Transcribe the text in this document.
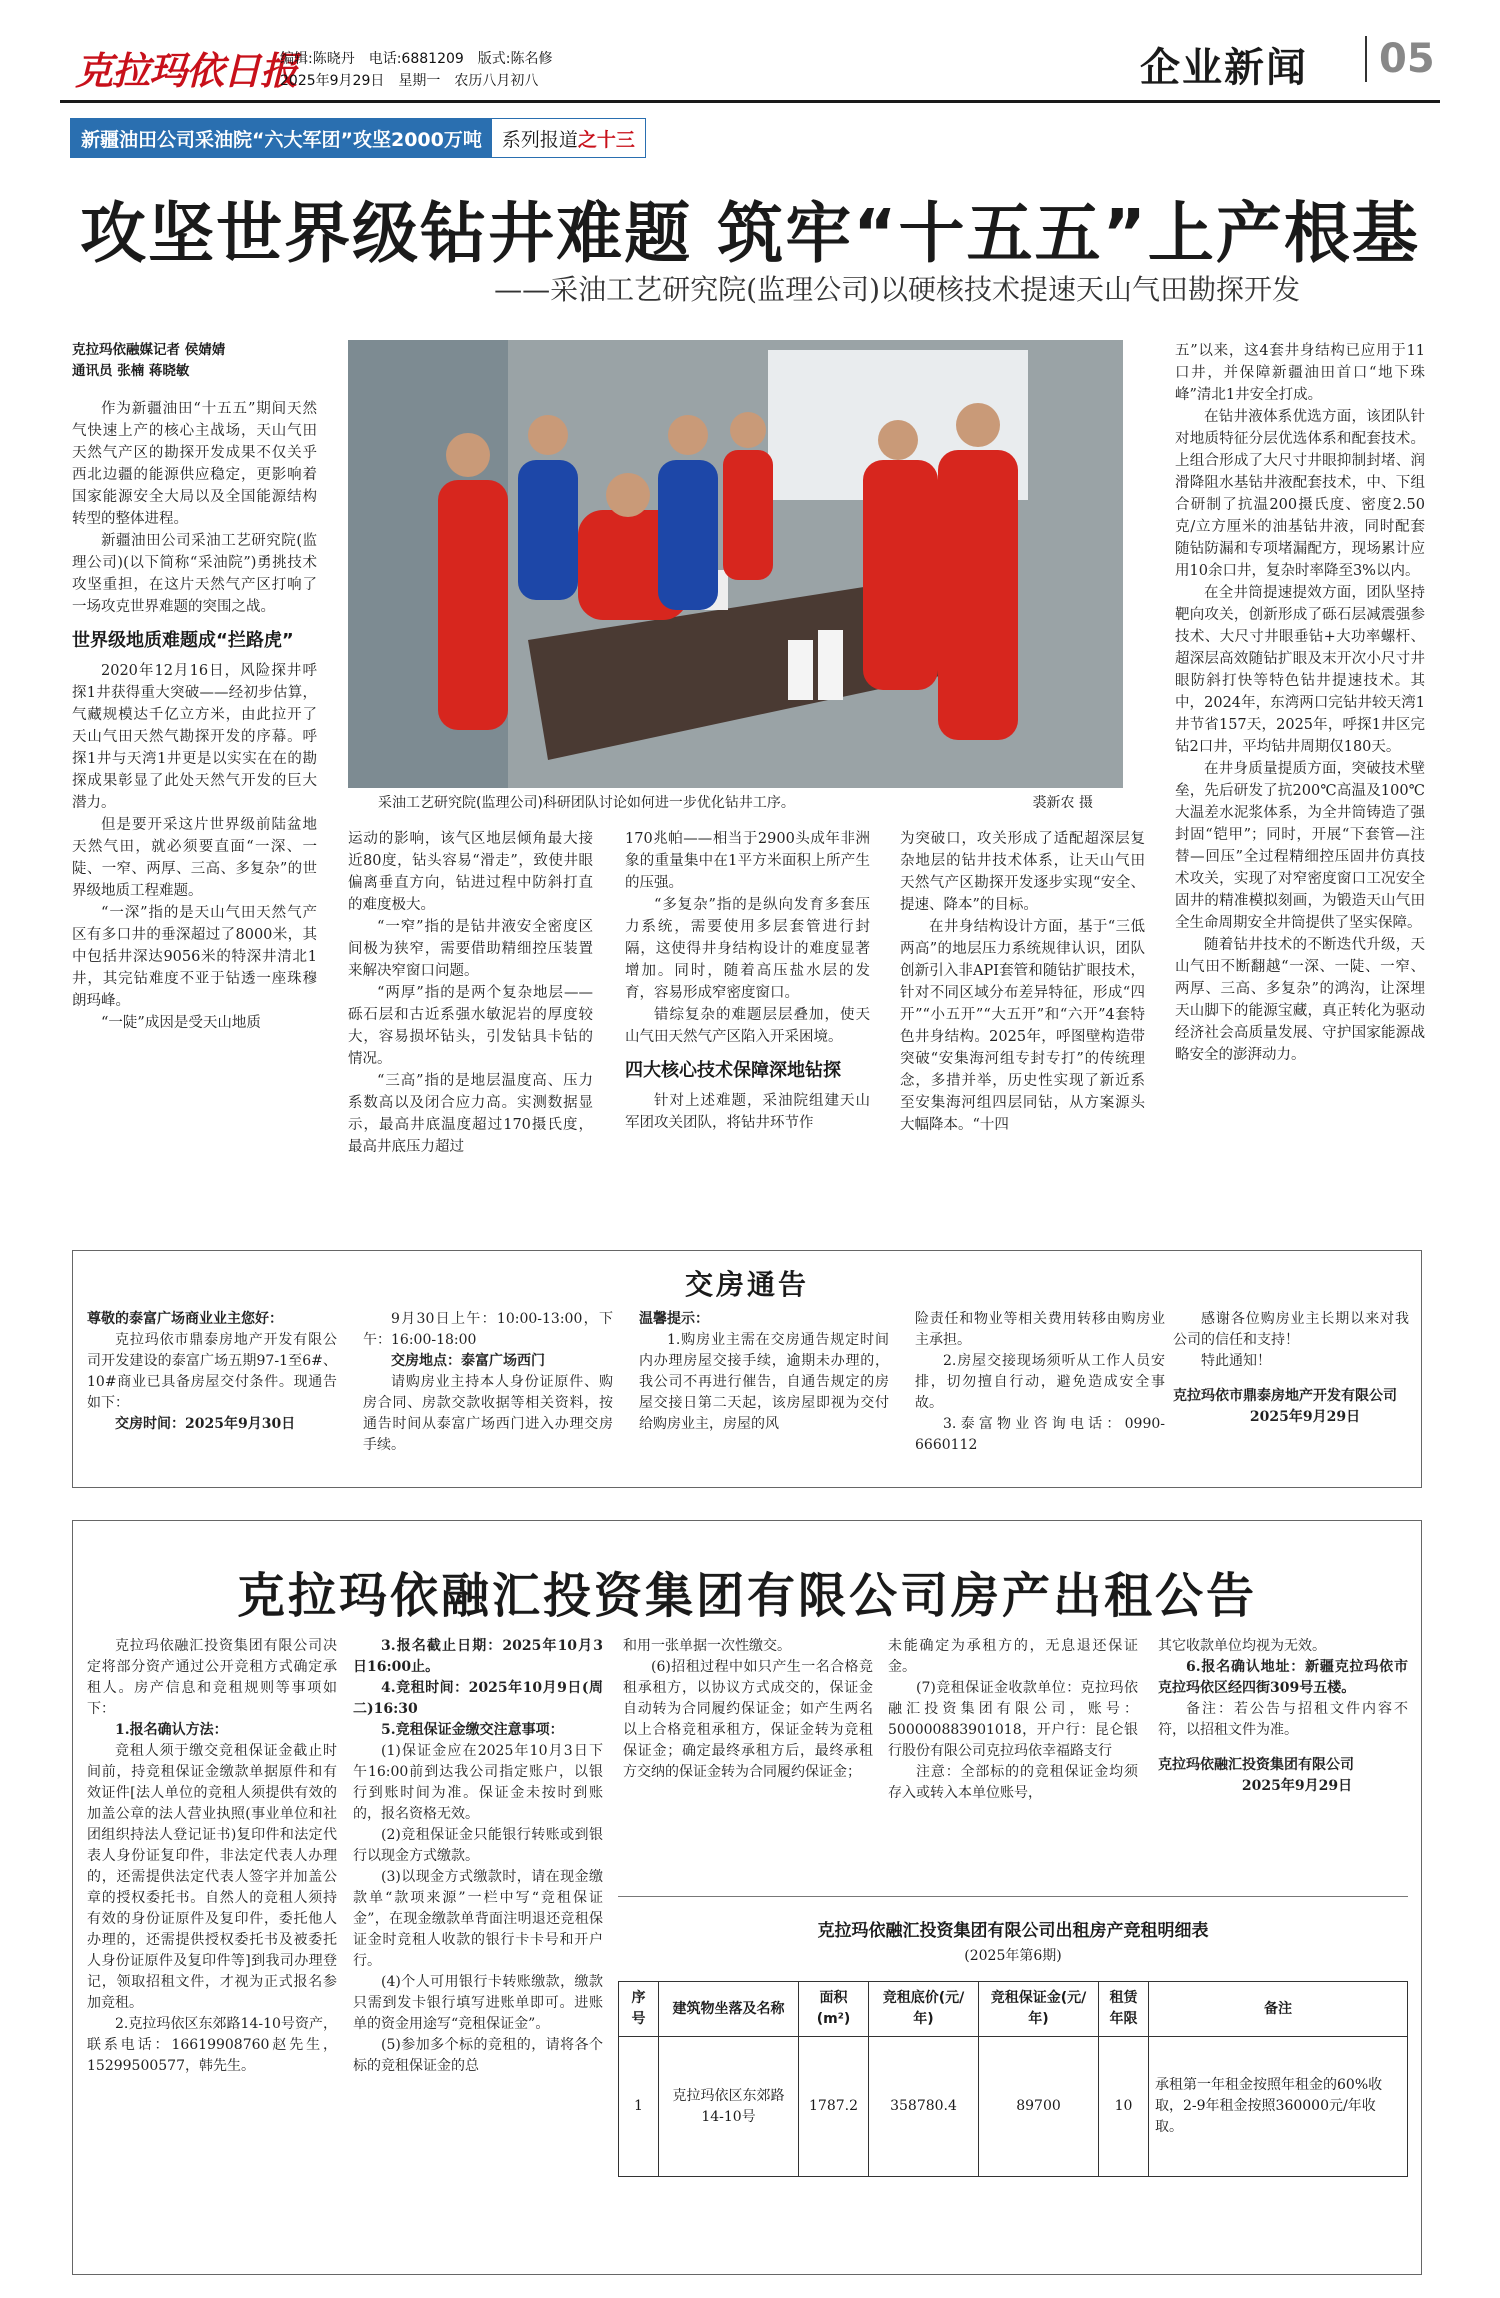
克拉玛依日报
编辑:陈晓丹 电话:6881209 版式:陈名修
2025年9月29日 星期一 农历八月初八	企业新闻	05
新疆油田公司采油院“六大军团”攻坚2000万吨	系列报道之十三
攻坚世界级钻井难题 筑牢“十五五”上产根基
——采油工艺研究院(监理公司)以硬核技术提速天山气田勘探开发
克拉玛依融媒记者 侯婧婧
通讯员 张楠 蒋晓敏

作为新疆油田“十五五”期间天然气快速上产的核心主战场，天山气田天然气产区的勘探开发成果不仅关乎西北边疆的能源供应稳定，更影响着国家能源安全大局以及全国能源结构转型的整体进程。

新疆油田公司采油工艺研究院(监理公司)(以下简称“采油院”)勇挑技术攻坚重担，在这片天然气产区打响了一场攻克世界难题的突围之战。

世界级地质难题成“拦路虎”

2020年12月16日，风险探井呼探1井获得重大突破——经初步估算，气藏规模达千亿立方米，由此拉开了天山气田天然气勘探开发的序幕。呼探1井与天湾1井更是以实实在在的勘探成果彰显了此处天然气开发的巨大潜力。

但是要开采这片世界级前陆盆地天然气田，就必须要直面“一深、一陡、一窄、两厚、三高、多复杂”的世界级地质工程难题。

“一深”指的是天山气田天然气产区有多口井的垂深超过了8000米，其中包括井深达9056米的特深井清北1井，其完钻难度不亚于钻透一座珠穆朗玛峰。

“一陡”成因是受天山地质

采油工艺研究院(监理公司)科研团队讨论如何进一步优化钻井工序。	裘新农 摄

运动的影响，该气区地层倾角最大接近80度，钻头容易“滑走”，致使井眼偏离垂直方向，钻进过程中防斜打直的难度极大。

“一窄”指的是钻井液安全密度区间极为狭窄，需要借助精细控压装置来解决窄窗口问题。

“两厚”指的是两个复杂地层——砾石层和古近系强水敏泥岩的厚度较大，容易损坏钻头，引发钻具卡钻的情况。

“三高”指的是地层温度高、压力系数高以及闭合应力高。实测数据显示，最高井底温度超过170摄氏度，最高井底压力超过

170兆帕——相当于2900头成年非洲象的重量集中在1平方米面积上所产生的压强。

“多复杂”指的是纵向发育多套压力系统，需要使用多层套管进行封隔，这使得井身结构设计的难度显著增加。同时，随着高压盐水层的发育，容易形成窄密度窗口。

错综复杂的难题层层叠加，使天山气田天然气产区陷入开采困境。

四大核心技术保障深地钻探

针对上述难题，采油院组建天山军团攻关团队，将钻井环节作

为突破口，攻关形成了适配超深层复杂地层的钻井技术体系，让天山气田天然气产区勘探开发逐步实现“安全、提速、降本”的目标。

在井身结构设计方面，基于“三低两高”的地层压力系统规律认识，团队创新引入非API套管和随钻扩眼技术，针对不同区域分布差异特征，形成“四开”“小五开”“大五开”和“六开”4套特色井身结构。2025年，呼图壁构造带突破“安集海河组专封专打”的传统理念，多措并举，历史性实现了新近系至安集海河组四层同钻，从方案源头大幅降本。“十四

五”以来，这4套井身结构已应用于11口井，并保障新疆油田首口“地下珠峰”清北1井安全打成。

在钻井液体系优选方面，该团队针对地质特征分层优选体系和配套技术。上组合形成了大尺寸井眼抑制封堵、润滑降阻水基钻井液配套技术，中、下组合研制了抗温200摄氏度、密度2.50克/立方厘米的油基钻井液，同时配套随钻防漏和专项堵漏配方，现场累计应用10余口井，复杂时率降至3%以内。

在全井筒提速提效方面，团队坚持靶向攻关，创新形成了砾石层减震强参技术、大尺寸井眼垂钻+大功率螺杆、超深层高效随钻扩眼及末开次小尺寸井眼防斜打快等特色钻井提速技术。其中，2024年，东湾两口完钻井较天湾1井节省157天，2025年，呼探1井区完钻2口井，平均钻井周期仅180天。

在井身质量提质方面，突破技术壁垒，先后研发了抗200℃高温及100℃大温差水泥浆体系，为全井筒铸造了强封固“铠甲”；同时，开展“下套管—注替—回压”全过程精细控压固井仿真技术攻关，实现了对窄密度窗口工况安全固井的精准模拟刻画，为锻造天山气田全生命周期安全井筒提供了坚实保障。

随着钻井技术的不断迭代升级，天山气田不断翻越“一深、一陡、一窄、两厚、三高、多复杂”的鸿沟，让深埋天山脚下的能源宝藏，真正转化为驱动经济社会高质量发展、守护国家能源战略安全的澎湃动力。

交房通告

尊敬的泰富广场商业业主您好：

克拉玛依市鼎泰房地产开发有限公司开发建设的泰富广场五期97-1至6#、10#商业已具备房屋交付条件。现通告如下：

交房时间：2025年9月30日

9月30日上午：10:00-13:00，下午：16:00-18:00

交房地点：泰富广场西门

请购房业主持本人身份证原件、购房合同、房款交款收据等相关资料，按通告时间从泰富广场西门进入办理交房手续。

温馨提示：

1.购房业主需在交房通告规定时间内办理房屋交接手续，逾期未办理的，我公司不再进行催告，自通告规定的房屋交接日第二天起，该房屋即视为交付给购房业主，房屋的风

险责任和物业等相关费用转移由购房业主承担。

2.房屋交接现场须听从工作人员安排，切勿擅自行动，避免造成安全事故。

3.泰富物业咨询电话：0990-6660112

感谢各位购房业主长期以来对我公司的信任和支持！

特此通知！

克拉玛依市鼎泰房地产开发有限公司

2025年9月29日

克拉玛依融汇投资集团有限公司房产出租公告

克拉玛依融汇投资集团有限公司决定将部分资产通过公开竞租方式确定承租人。房产信息和竞租规则等事项如下：

1.报名确认方法：

竞租人须于缴交竞租保证金截止时间前，持竞租保证金缴款单据原件和有效证件[法人单位的竞租人须提供有效的加盖公章的法人营业执照(事业单位和社团组织持法人登记证书)复印件和法定代表人身份证复印件，非法定代表人办理的，还需提供法定代表人签字并加盖公章的授权委托书。自然人的竞租人须持有效的身份证原件及复印件，委托他人办理的，还需提供授权委托书及被委托人身份证原件及复印件等]到我司办理登记，领取招租文件，才视为正式报名参加竞租。

2.克拉玛依区东郊路14-10号资产，联系电话：16619908760赵先生，15299500577，韩先生。

3.报名截止日期：2025年10月3日16:00止。

4.竞租时间：2025年10月9日(周二)16:30

5.竞租保证金缴交注意事项：

(1)保证金应在2025年10月3日下午16:00前到达我公司指定账户，以银行到账时间为准。保证金未按时到账的，报名资格无效。

(2)竞租保证金只能银行转账或到银行以现金方式缴款。

(3)以现金方式缴款时，请在现金缴款单“款项来源”一栏中写“竞租保证金”，在现金缴款单背面注明退还竞租保证金时竞租人收款的银行卡卡号和开户行。

(4)个人可用银行卡转账缴款，缴款只需到发卡银行填写进账单即可。进账单的资金用途写“竞租保证金”。

(5)参加多个标的竞租的，请将各个标的竞租保证金的总

和用一张单据一次性缴交。

(6)招租过程中如只产生一名合格竞租承租方，以协议方式成交的，保证金自动转为合同履约保证金；如产生两名以上合格竞租承租方，保证金转为竞租保证金；确定最终承租方后，最终承租方交纳的保证金转为合同履约保证金；

未能确定为承租方的，无息退还保证金。

(7)竞租保证金收款单位：克拉玛依融汇投资集团有限公司，账号：500000883901018，开户行：昆仑银行股份有限公司克拉玛依幸福路支行

注意：全部标的的竞租保证金均须存入或转入本单位账号，

其它收款单位均视为无效。

6.报名确认地址：新疆克拉玛依市克拉玛依区经四街309号五楼。

备注：若公告与招租文件内容不符，以招租文件为准。

克拉玛依融汇投资集团有限公司

2025年9月29日

克拉玛依融汇投资集团有限公司出租房产竞租明细表
(2025年第6期)
序号	建筑物坐落及名称	面积(m²)	竞租底价(元/年)	竞租保证金(元/年)	租赁年限	备注
1	克拉玛依区东郊路14-10号	1787.2	358780.4	89700	10	承租第一年租金按照年租金的60%收取，2-9年租金按照360000元/年收取。
